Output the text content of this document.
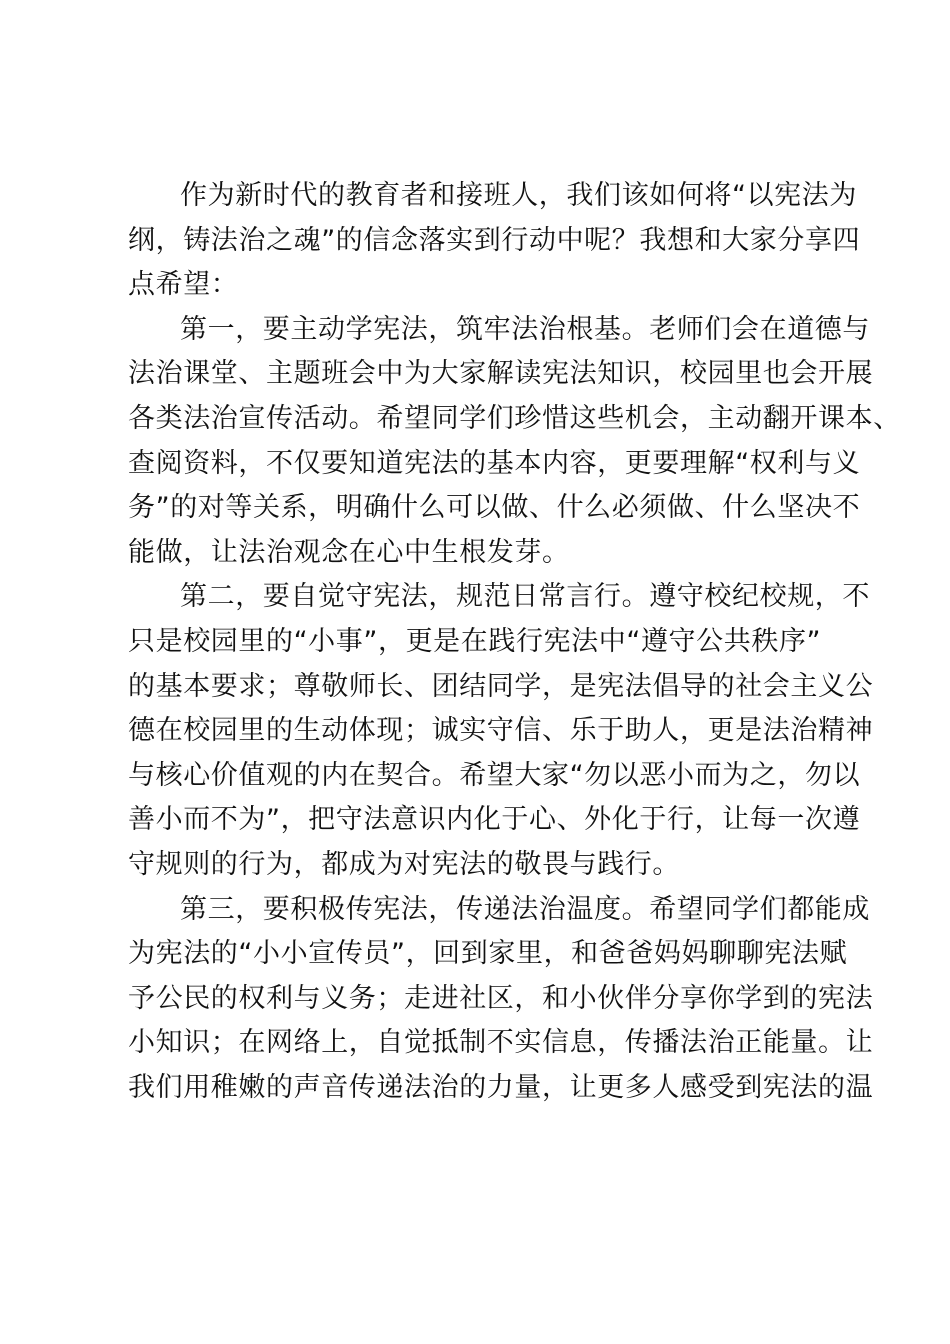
作为新时代的教育者和接班人，我们该如何将“以宪法为
纲，铸法治之魂”的信念落实到行动中呢？我想和大家分享四
点希望：
第一，要主动学宪法，筑牢法治根基。老师们会在道德与
法治课堂、主题班会中为大家解读宪法知识，校园里也会开展
各类法治宣传活动。希望同学们珍惜这些机会，主动翻开课本、
查阅资料，不仅要知道宪法的基本内容，更要理解“权利与义
务”的对等关系，明确什么可以做、什么必须做、什么坚决不
能做，让法治观念在心中生根发芽。
第二，要自觉守宪法，规范日常言行。遵守校纪校规，不
只是校园里的“小事”，更是在践行宪法中“遵守公共秩序”
的基本要求；尊敬师长、团结同学，是宪法倡导的社会主义公
德在校园里的生动体现；诚实守信、乐于助人，更是法治精神
与核心价值观的内在契合。希望大家“勿以恶小而为之，勿以
善小而不为”，把守法意识内化于心、外化于行，让每一次遵
守规则的行为，都成为对宪法的敬畏与践行。
第三，要积极传宪法，传递法治温度。希望同学们都能成
为宪法的“小小宣传员”，回到家里，和爸爸妈妈聊聊宪法赋
予公民的权利与义务；走进社区，和小伙伴分享你学到的宪法
小知识；在网络上，自觉抵制不实信息，传播法治正能量。让
我们用稚嫩的声音传递法治的力量，让更多人感受到宪法的温
